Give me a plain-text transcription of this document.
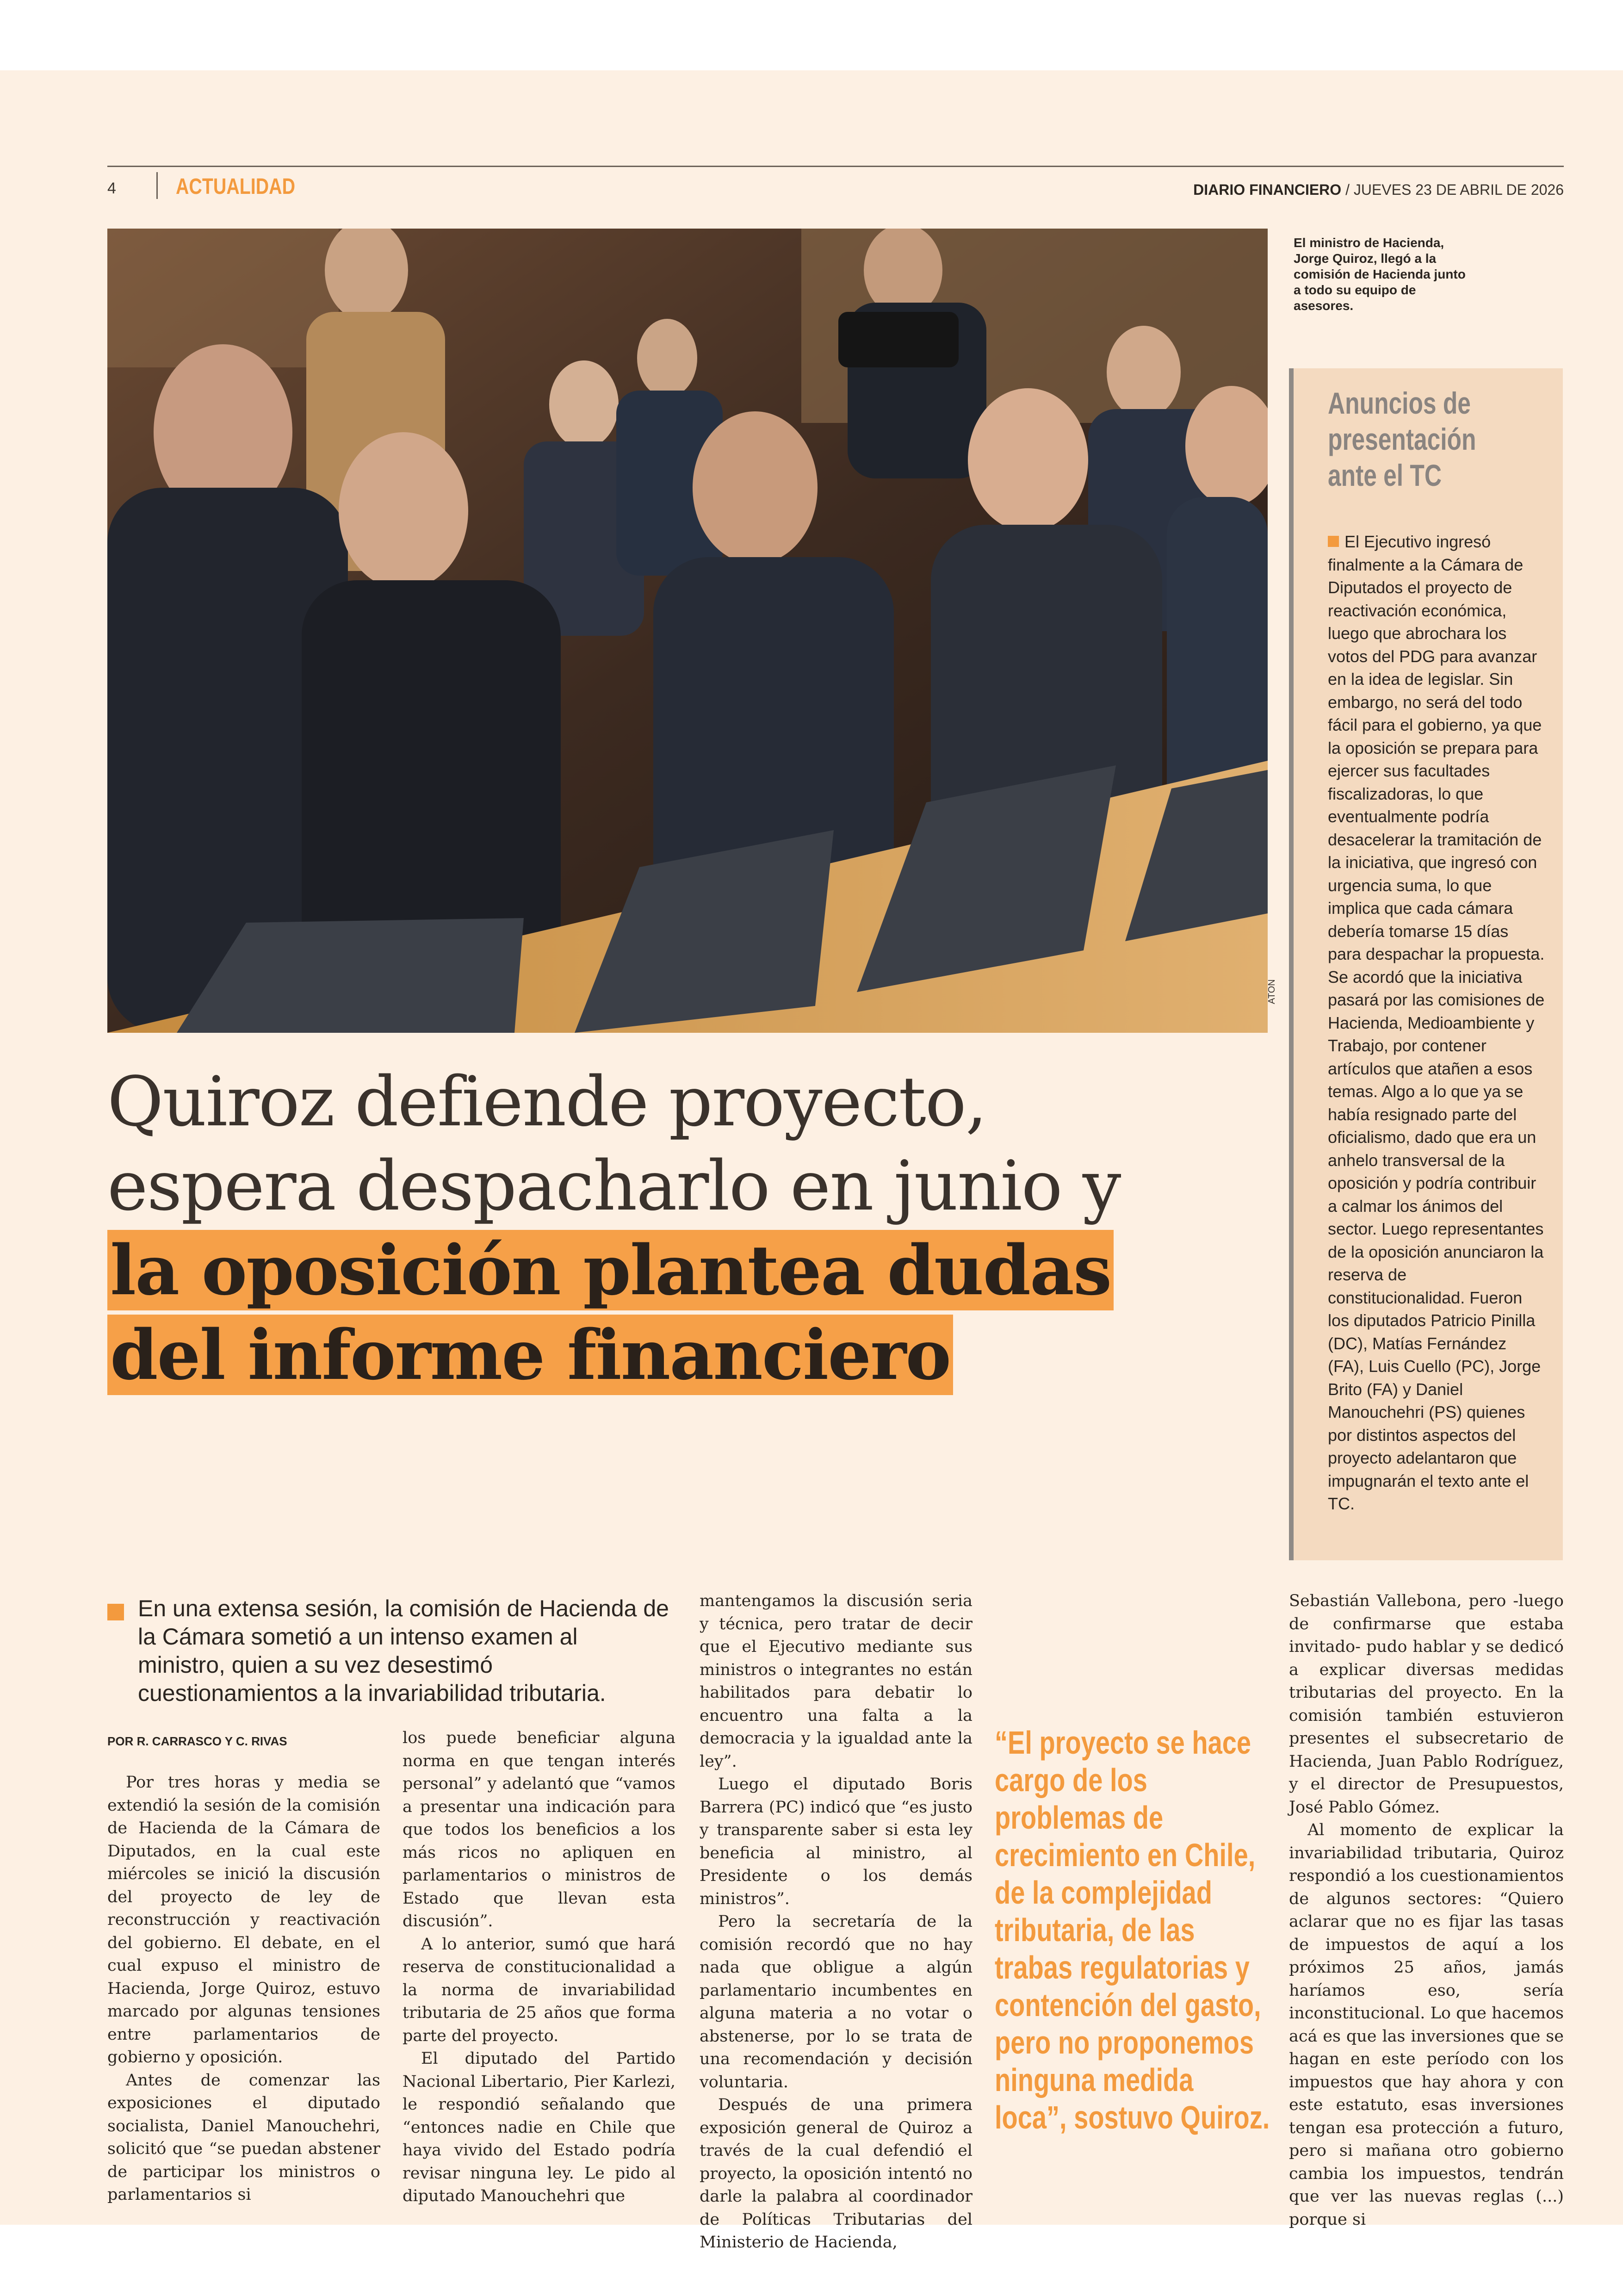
4	ACTUALIDAD	DIARIO FINANCIERO / JUEVES 23 DE ABRIL DE 2026
ATON
El ministro de Hacienda, Jorge Quiroz, llegó a la comisión de Hacienda junto a todo su equipo de asesores.
Anuncios de presentación ante el TC
El Ejecutivo ingresó finalmente a la Cámara de Diputados el proyecto de reactivación económica, luego que abrochara los votos del PDG para avanzar en la idea de legislar. Sin embargo, no será del todo fácil para el gobierno, ya que la oposición se prepara para ejercer sus facultades fiscalizadoras, lo que eventualmente podría desacelerar la tramitación de la iniciativa, que ingresó con urgencia suma, lo que implica que cada cámara debería tomarse 15 días para despachar la propuesta. Se acordó que la iniciativa pasará por las comisiones de Hacienda, Medioambiente y Trabajo, por contener artículos que atañen a esos temas. Algo a lo que ya se había resignado parte del oficialismo, dado que era un anhelo transversal de la oposición y podría contribuir a calmar los ánimos del sector. Luego representantes de la oposición anunciaron la reserva de constitucionalidad. Fueron los diputados Patricio Pinilla (DC), Matías Fernández (FA), Luis Cuello (PC), Jorge Brito (FA) y Daniel Manouchehri (PS) quienes por distintos aspectos del proyecto adelantaron que impugnarán el texto ante el TC.
Quiroz defiende proyecto, espera despacharlo en junio y la oposición plantea dudas del informe financiero
En una extensa sesión, la comisión de Hacienda de la Cámara sometió a un intenso examen al ministro, quien a su vez desestimó cuestionamientos a la invariabilidad tributaria.
POR R. CARRASCO Y C. RIVAS

Por tres horas y media se extendió la sesión de la comisión de Hacienda de la Cámara de Diputados, en la cual este miércoles se inició la discusión del proyecto de ley de reconstrucción y reactivación del gobierno. El debate, en el cual expuso el ministro de Hacienda, Jorge Quiroz, estuvo marcado por algunas tensiones entre parlamentarios de gobierno y oposición.

Antes de comenzar las exposiciones el diputado socialista, Daniel Manouchehri, solicitó que “se puedan abstener de participar los ministros o parlamentarios si

los puede beneficiar alguna norma en que tengan interés personal” y adelantó que “vamos a presentar una indicación para que todos los beneficios a los más ricos no apliquen en parlamentarios o ministros de Estado que llevan esta discusión”.

A lo anterior, sumó que hará reserva de constitucionalidad a la norma de invariabilidad tributaria de 25 años que forma parte del proyecto.

El diputado del Partido Nacional Libertario, Pier Karlezi, le respondió señalando que “entonces nadie en Chile que haya vivido del Estado podría revisar ninguna ley. Le pido al diputado Manouchehri que

mantengamos la discusión seria y técnica, pero tratar de decir que el Ejecutivo mediante sus ministros o integrantes no están habilitados para debatir lo encuentro una falta a la democracia y la igualdad ante la ley”.

Luego el diputado Boris Barrera (PC) indicó que “es justo y transparente saber si esta ley beneficia al ministro, al Presidente o los demás ministros”.

Pero la secretaría de la comisión recordó que no hay nada que obligue a algún parlamentario incumbentes en alguna materia a no votar o abstenerse, por lo se trata de una recomendación y decisión voluntaria.

Después de una primera exposición general de Quiroz a través de la cual defendió el proyecto, la oposición intentó no darle la palabra al coordinador de Políticas Tributarias del Ministerio de Hacienda,

“El proyecto se hace cargo de los problemas de crecimiento en Chile, de la complejidad tributaria, de las trabas regulatorias y contención del gasto, pero no proponemos ninguna medida loca”, sostuvo Quiroz.

Sebastián Vallebona, pero -luego de confirmarse que estaba invitado- pudo hablar y se dedicó a explicar diversas medidas tributarias del proyecto. En la comisión también estuvieron presentes el subsecretario de Hacienda, Juan Pablo Rodríguez, y el director de Presupuestos, José Pablo Gómez.

Al momento de explicar la invariabilidad tributaria, Quiroz respondió a los cuestionamientos de algunos sectores: “Quiero aclarar que no es fijar las tasas de impuestos de aquí a los próximos 25 años, jamás haríamos eso, sería inconstitucional. Lo que hacemos acá es que las inversiones que se hagan en este período con los impuestos que hay ahora y con este estatuto, esas inversiones tengan esa protección a futuro, pero si mañana otro gobierno cambia los impuestos, tendrán que ver las nuevas reglas (...) porque si
